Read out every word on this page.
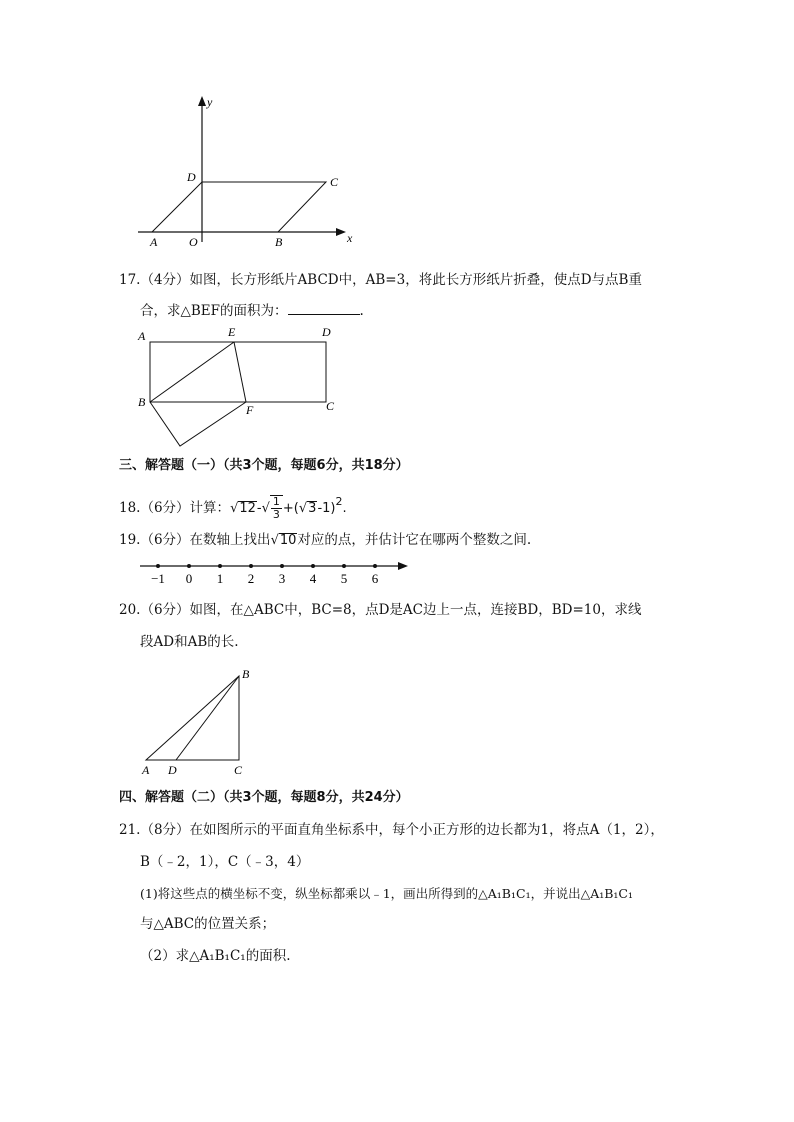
y
x
A	O	B
D	C
17.（4分）如图，长方形纸片ABCD中，AB=3，将此长方形纸片折叠，使点D与点B重
合，求△BEF的面积为：	.
A	E	D
B
F	C
三、解答题（一）（共3个题，每题6分，共18分）
18.（6分）计算：$√12-√ \frac{1}{3} +(√3-1)^2$.
19.（6分）在数轴上找出√10对应的点，并估计它在哪两个整数之间.
−1 0 1 2 3 4 5 6
20.（6分）如图，在△ABC中，BC=8，点D是AC边上一点，连接BD，BD=10，求线
段AD和AB的长.
A D	C
B
四、解答题（二）（共3个题，每题8分，共24分）
21.（8分）在如图所示的平面直角坐标系中，每个小正方形的边长都为1，将点A（1，2），
B（﹣2，1），C（﹣3，4）
(1)将这些点的横坐标不变，纵坐标都乘以﹣1，画出所得到的△A₁B₁C₁，并说出△A₁B₁C₁
与△ABC的位置关系；
（2）求△A₁B₁C₁的面积.
